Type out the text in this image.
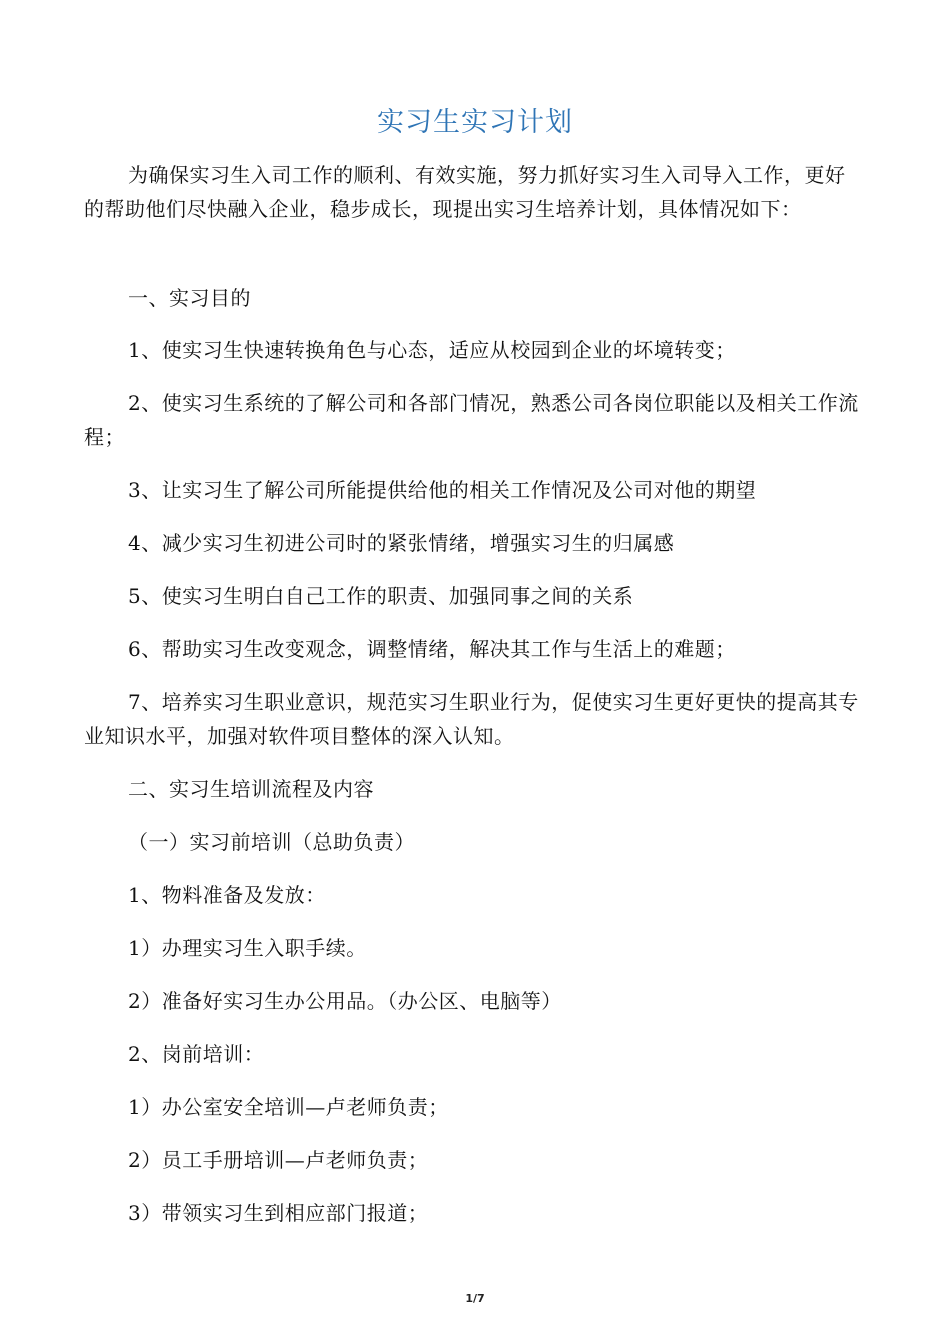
实习生实习计划
为确保实习生入司工作的顺利、有效实施，努力抓好实习生入司导入工作，更好的帮助他们尽快融入企业，稳步成长，现提出实习生培养计划，具体情况如下：
一、实习目的
1、使实习生快速转换角色与心态，适应从校园到企业的坏境转变；
2、使实习生系统的了解公司和各部门情况，熟悉公司各岗位职能以及相关工作流程；
3、让实习生了解公司所能提供给他的相关工作情况及公司对他的期望
4、减少实习生初进公司时的紧张情绪，增强实习生的归属感
5、使实习生明白自己工作的职责、加强同事之间的关系
6、帮助实习生改变观念，调整情绪，解决其工作与生活上的难题；
7、培养实习生职业意识，规范实习生职业行为，促使实习生更好更快的提高其专业知识水平，加强对软件项目整体的深入认知。
二、实习生培训流程及内容
（一）实习前培训（总助负责）
1、物料准备及发放：
1）办理实习生入职手续。
2）准备好实习生办公用品。（办公区、电脑等）
2、岗前培训：
1）办公室安全培训—卢老师负责；
2）员工手册培训—卢老师负责；
3）带领实习生到相应部门报道；
1/7
